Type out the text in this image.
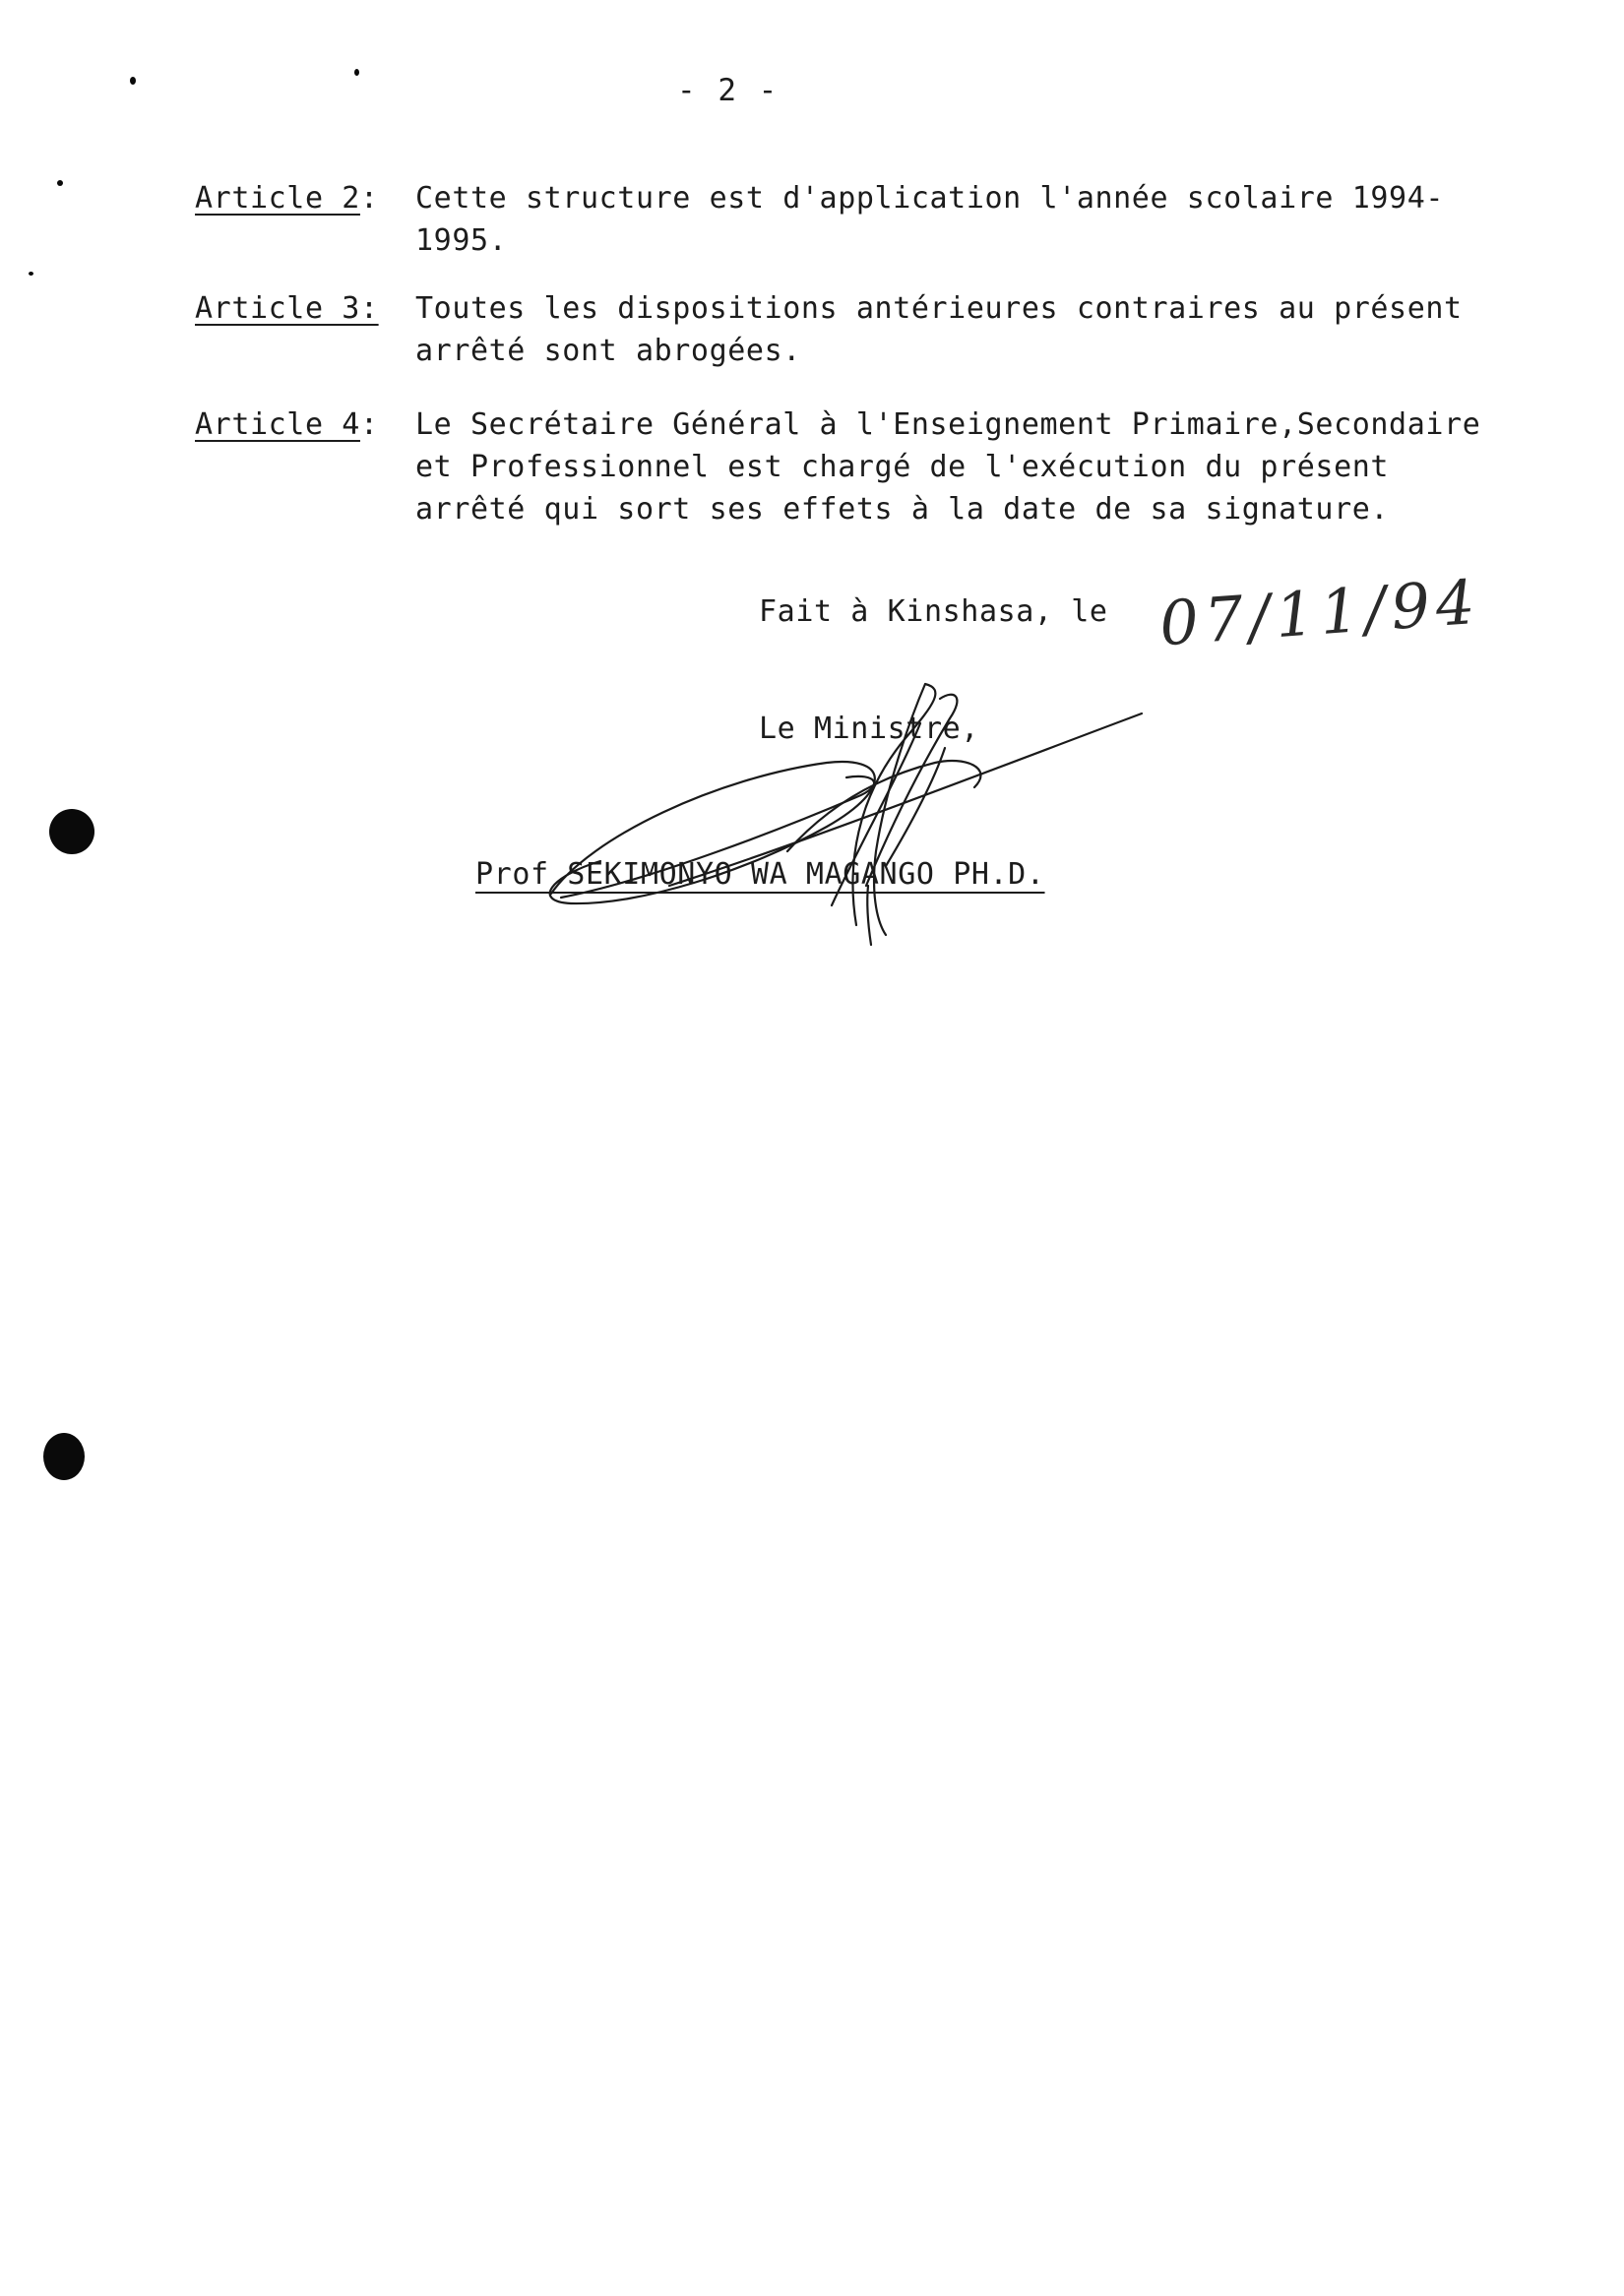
- 2 -
Article 2: Cette structure est d'application l'année scolaire 1994-
1995.
Article 3: Toutes les dispositions antérieures contraires au présent
arrêté sont abrogées.
Article 4: Le Secrétaire Général à l'Enseignement Primaire,Secondaire
et Professionnel est chargé de l'exécution du présent
arrêté qui sort ses effets à la date de sa signature.
Fait à Kinshasa, le 07/11/94
Le Ministre,
Prof SEKIMONYO WA MAGANGO PH.D.
